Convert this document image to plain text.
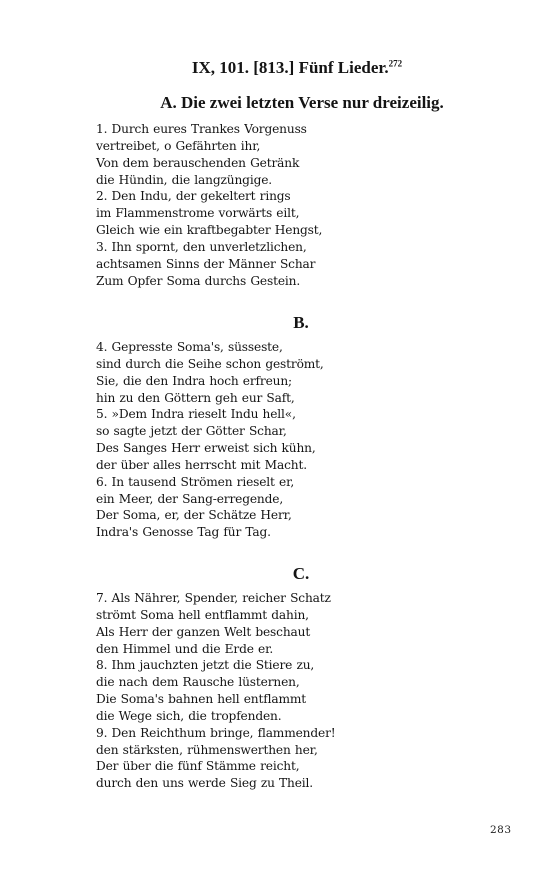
IX, 101. [813.] Fünf Lieder.$^{272}$
A. Die zwei letzten Verse nur dreizeilig.
1. Durch eures Trankes Vorgenuss
vertreibet, o Gefährten ihr,
Von dem berauschenden Getränk
die Hündin, die langzüngige.
2. Den Indu, der gekeltert rings
im Flammenstrome vorwärts eilt,
Gleich wie ein kraftbegabter Hengst,
3. Ihn spornt, den unverletzlichen,
achtsamen Sinns der Männer Schar
Zum Opfer Soma durchs Gestein.
B.
4. Gepresste Soma's, süsseste,
sind durch die Seihe schon geströmt,
Sie, die den Indra hoch erfreun;
hin zu den Göttern geh eur Saft,
5. »Dem Indra rieselt Indu hell«,
so sagte jetzt der Götter Schar,
Des Sanges Herr erweist sich kühn,
der über alles herrscht mit Macht.
6. In tausend Strömen rieselt er,
ein Meer, der Sang-erregende,
Der Soma, er, der Schätze Herr,
Indra's Genosse Tag für Tag.
C.
7. Als Nährer, Spender, reicher Schatz
strömt Soma hell entflammt dahin,
Als Herr der ganzen Welt beschaut
den Himmel und die Erde er.
8. Ihm jauchzten jetzt die Stiere zu,
die nach dem Rausche lüsternen,
Die Soma's bahnen hell entflammt
die Wege sich, die tropfenden.
9. Den Reichthum bringe, flammender!
den stärksten, rühmenswerthen her,
Der über die fünf Stämme reicht,
durch den uns werde Sieg zu Theil.
283
